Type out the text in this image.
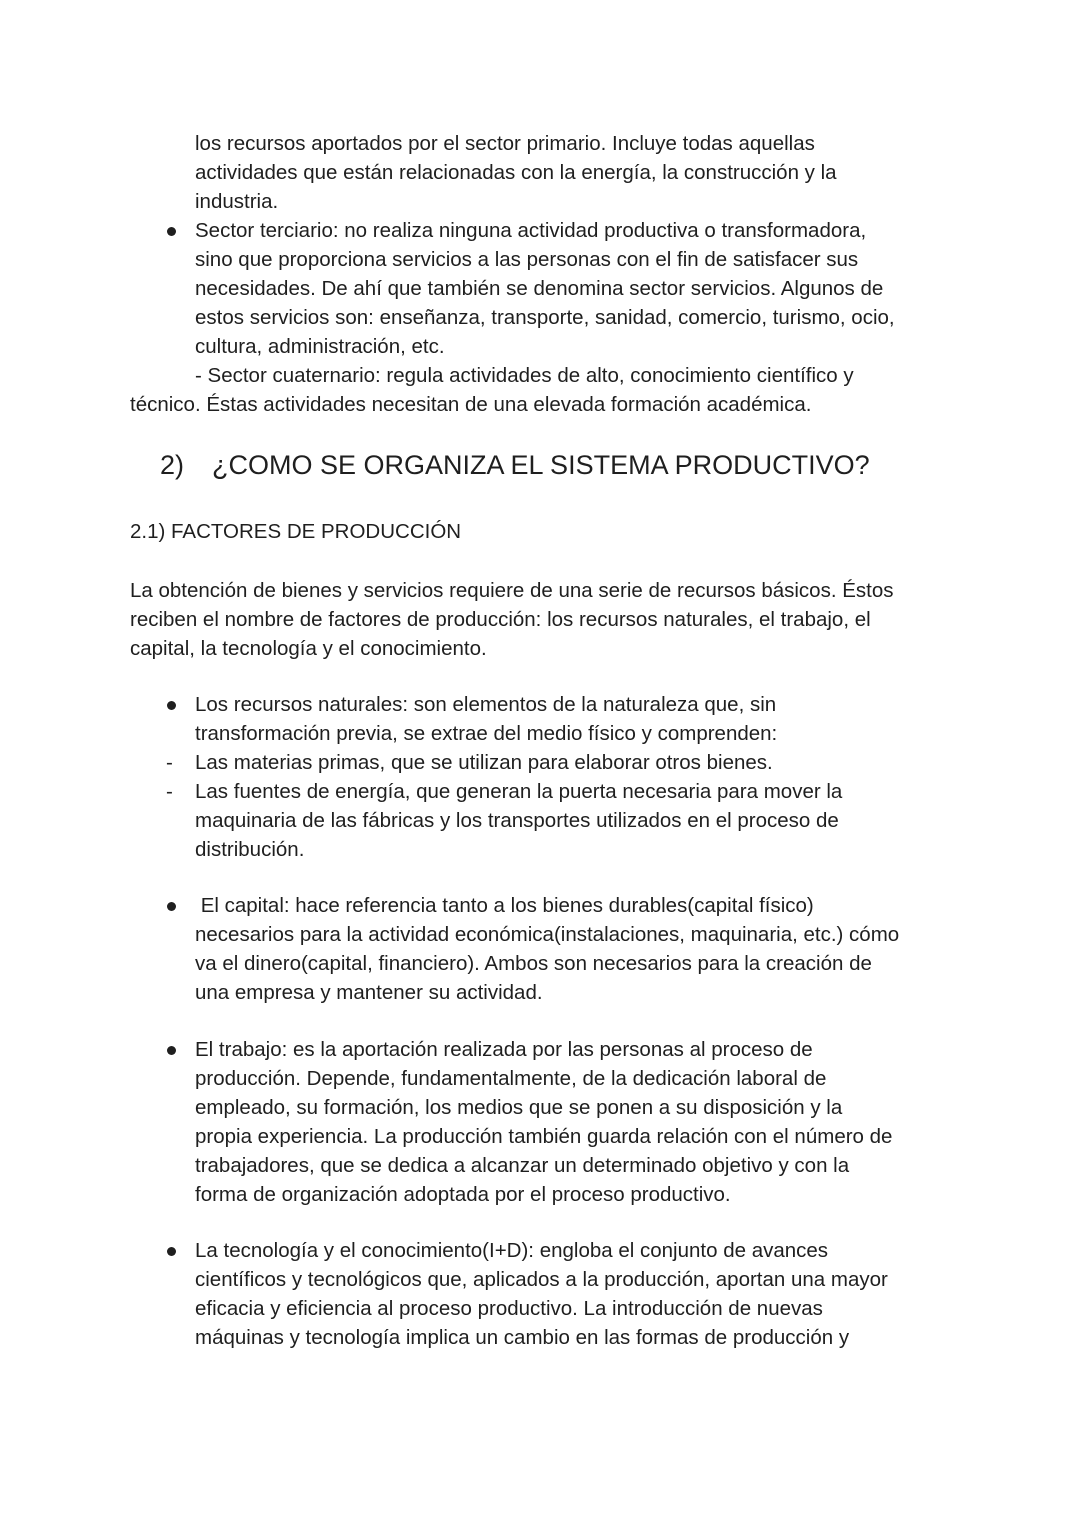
los recursos aportados por el sector primario. Incluye todas aquellas
actividades que están relacionadas con la energía, la construcción y la
industria.
Sector terciario: no realiza ninguna actividad productiva o transformadora,
sino que proporciona servicios a las personas con el fin de satisfacer sus
necesidades. De ahí que también se denomina sector servicios. Algunos de
estos servicios son: enseñanza, transporte, sanidad, comercio, turismo, ocio,
cultura, administración, etc.
- Sector cuaternario: regula actividades de alto, conocimiento científico y
técnico. Éstas actividades necesitan de una elevada formación académica.
2) ¿COMO SE ORGANIZA EL SISTEMA PRODUCTIVO?
2.1) FACTORES DE PRODUCCIÓN
La obtención de bienes y servicios requiere de una serie de recursos básicos. Éstos
reciben el nombre de factores de producción: los recursos naturales, el trabajo, el
capital, la tecnología y el conocimiento.
Los recursos naturales: son elementos de la naturaleza que, sin
transformación previa, se extrae del medio físico y comprenden:
- Las materias primas, que se utilizan para elaborar otros bienes.
- Las fuentes de energía, que generan la puerta necesaria para mover la
maquinaria de las fábricas y los transportes utilizados en el proceso de
distribución.
El capital: hace referencia tanto a los bienes durables(capital físico)
necesarios para la actividad económica(instalaciones, maquinaria, etc.) cómo
va el dinero(capital, financiero). Ambos son necesarios para la creación de
una empresa y mantener su actividad.
El trabajo: es la aportación realizada por las personas al proceso de
producción. Depende, fundamentalmente, de la dedicación laboral de
empleado, su formación, los medios que se ponen a su disposición y la
propia experiencia. La producción también guarda relación con el número de
trabajadores, que se dedica a alcanzar un determinado objetivo y con la
forma de organización adoptada por el proceso productivo.
La tecnología y el conocimiento(I+D): engloba el conjunto de avances
científicos y tecnológicos que, aplicados a la producción, aportan una mayor
eficacia y eficiencia al proceso productivo. La introducción de nuevas
máquinas y tecnología implica un cambio en las formas de producción y
